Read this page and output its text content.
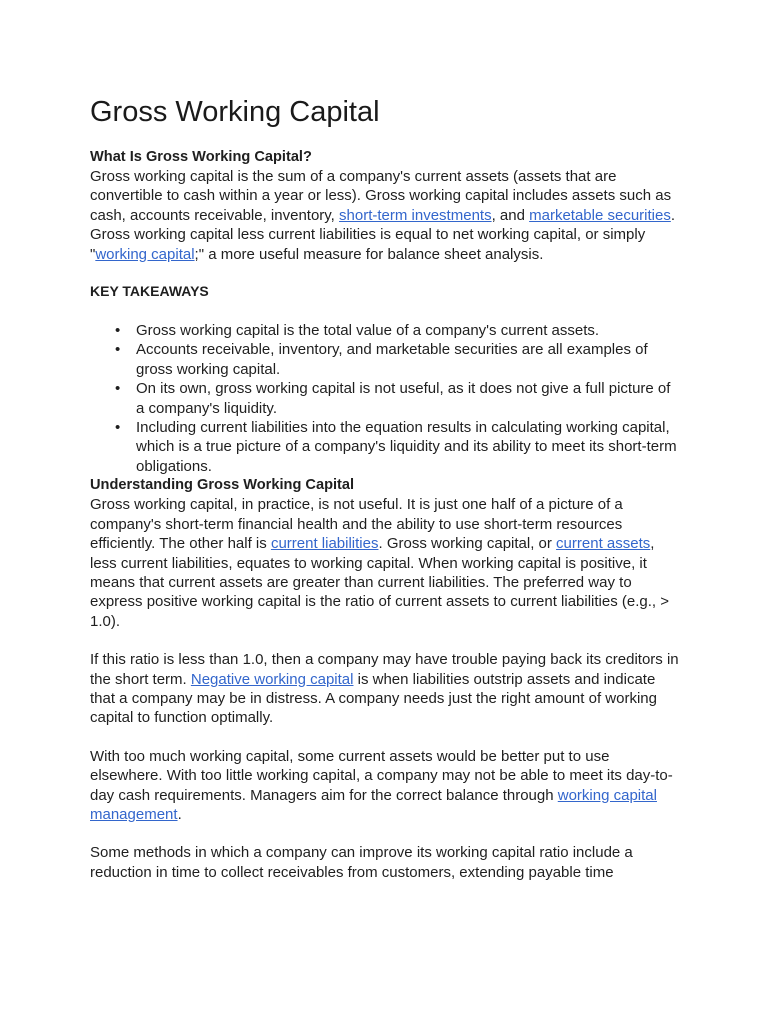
Gross Working Capital
What Is Gross Working Capital?

Gross working capital is the sum of a company's current assets (assets that are convertible to cash within a year or less). Gross working capital includes assets such as cash, accounts receivable, inventory, short-term investments, and marketable securities. Gross working capital less current liabilities is equal to net working capital, or simply "working capital;" a more useful measure for balance sheet analysis.

KEY TAKEAWAYS
• Gross working capital is the total value of a company's current assets.
• Accounts receivable, inventory, and marketable securities are all examples of gross working capital.
• On its own, gross working capital is not useful, as it does not give a full picture of a company's liquidity.
• Including current liabilities into the equation results in calculating working capital, which is a true picture of a company's liquidity and its ability to meet its short-term obligations.
Understanding Gross Working Capital

Gross working capital, in practice, is not useful. It is just one half of a picture of a company's short-term financial health and the ability to use short-term resources efficiently. The other half is current liabilities. Gross working capital, or current assets, less current liabilities, equates to working capital. When working capital is positive, it means that current assets are greater than current liabilities. The preferred way to express positive working capital is the ratio of current assets to current liabilities (e.g., > 1.0).

If this ratio is less than 1.0, then a company may have trouble paying back its creditors in the short term. Negative working capital is when liabilities outstrip assets and indicate that a company may be in distress. A company needs just the right amount of working capital to function optimally.

With too much working capital, some current assets would be better put to use elsewhere. With too little working capital, a company may not be able to meet its day-to-day cash requirements. Managers aim for the correct balance through working capital management.

Some methods in which a company can improve its working capital ratio include a reduction in time to collect receivables from customers, extending payable time
